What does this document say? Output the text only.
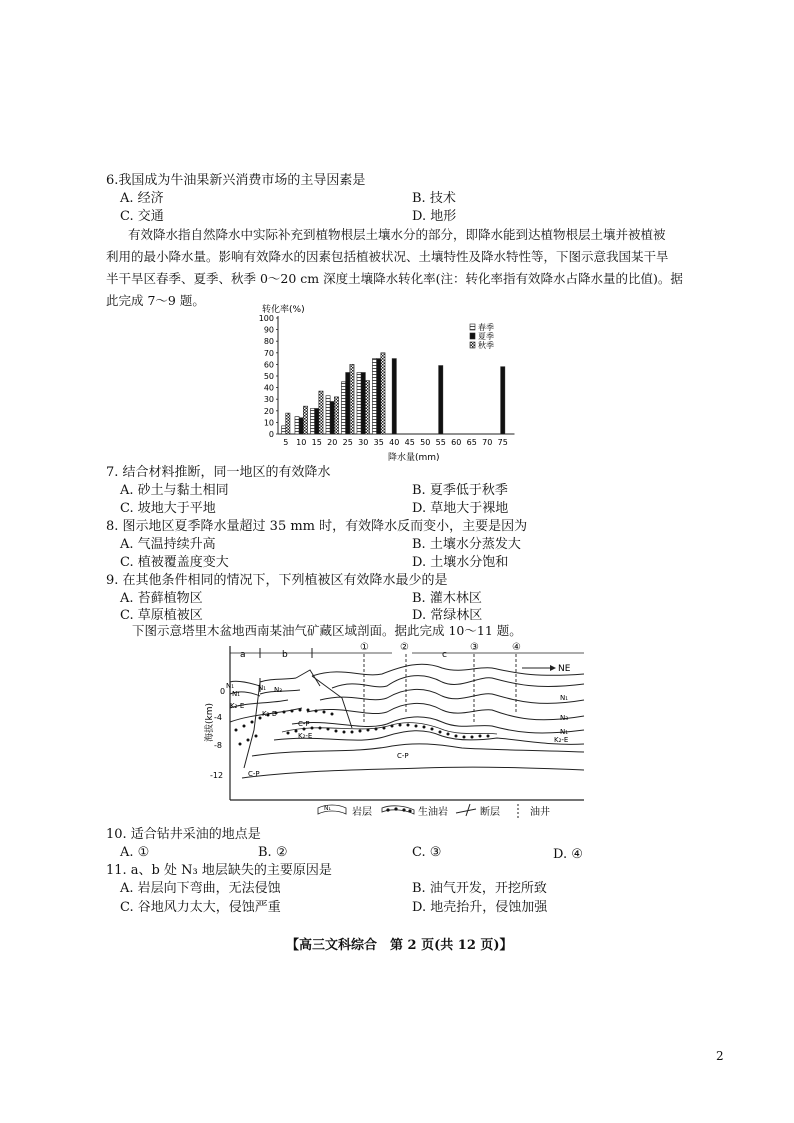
6.我国成为牛油果新兴消费市场的主导因素是
A. 经济	B. 技术
C. 交通	D. 地形
有效降水指自然降水中实际补充到植物根层土壤水分的部分，即降水能到达植物根层土壤并被植被
利用的最小降水量。影响有效降水的因素包括植被状况、土壤特性及降水特性等，下图示意我国某干旱
半干旱区春季、夏季、秋季 0～20 cm 深度土壤降水转化率(注：转化率指有效降水占降水量的比值)。据
此完成 7～9 题。
转化率(%)
0
10
20
30
40
50
60
70
80
90
100
5 10 15 20 25 30 35 40 45 50 55 60 65 70 75
春季
夏季
秋季
降水量(mm)
7. 结合材料推断，同一地区的有效降水
A. 砂土与黏土相同	B. 夏季低于秋季
C. 坡地大于平地	D. 草地大于裸地
8. 图示地区夏季降水量超过 35 mm 时，有效降水反而变小，主要是因为
A. 气温持续升高	B. 土壤水分蒸发大
C. 植被覆盖度变大	D. 土壤水分饱和
9. 在其他条件相同的情况下，下列植被区有效降水最少的是
A. 苔藓植物区	B. 灌木林区
C. 草原植被区	D. 常绿林区
下图示意塔里木盆地西南某油气矿藏区域剖面。据此完成 10～11 题。
a	b	c
①	②	③	④
NE
海拔(km)
0
-4
-8
-12
N₁
N₁
N₁ N₃
K₂-E
K₂-E
C-P
K₂-E
C-P
C-P
N₁
N₃
N₁
K₂-E
N₁ 岩层	生油岩	断层	油井
10. 适合钻井采油的地点是
A. ①	B. ②	C. ③	D. ④
11. a、b 处 N₃ 地层缺失的主要原因是
A. 岩层向下弯曲，无法侵蚀	B. 油气开发，开挖所致
C. 谷地风力太大，侵蚀严重	D. 地壳抬升，侵蚀加强
【高三文科综合　第 2 页(共 12 页)】
2
